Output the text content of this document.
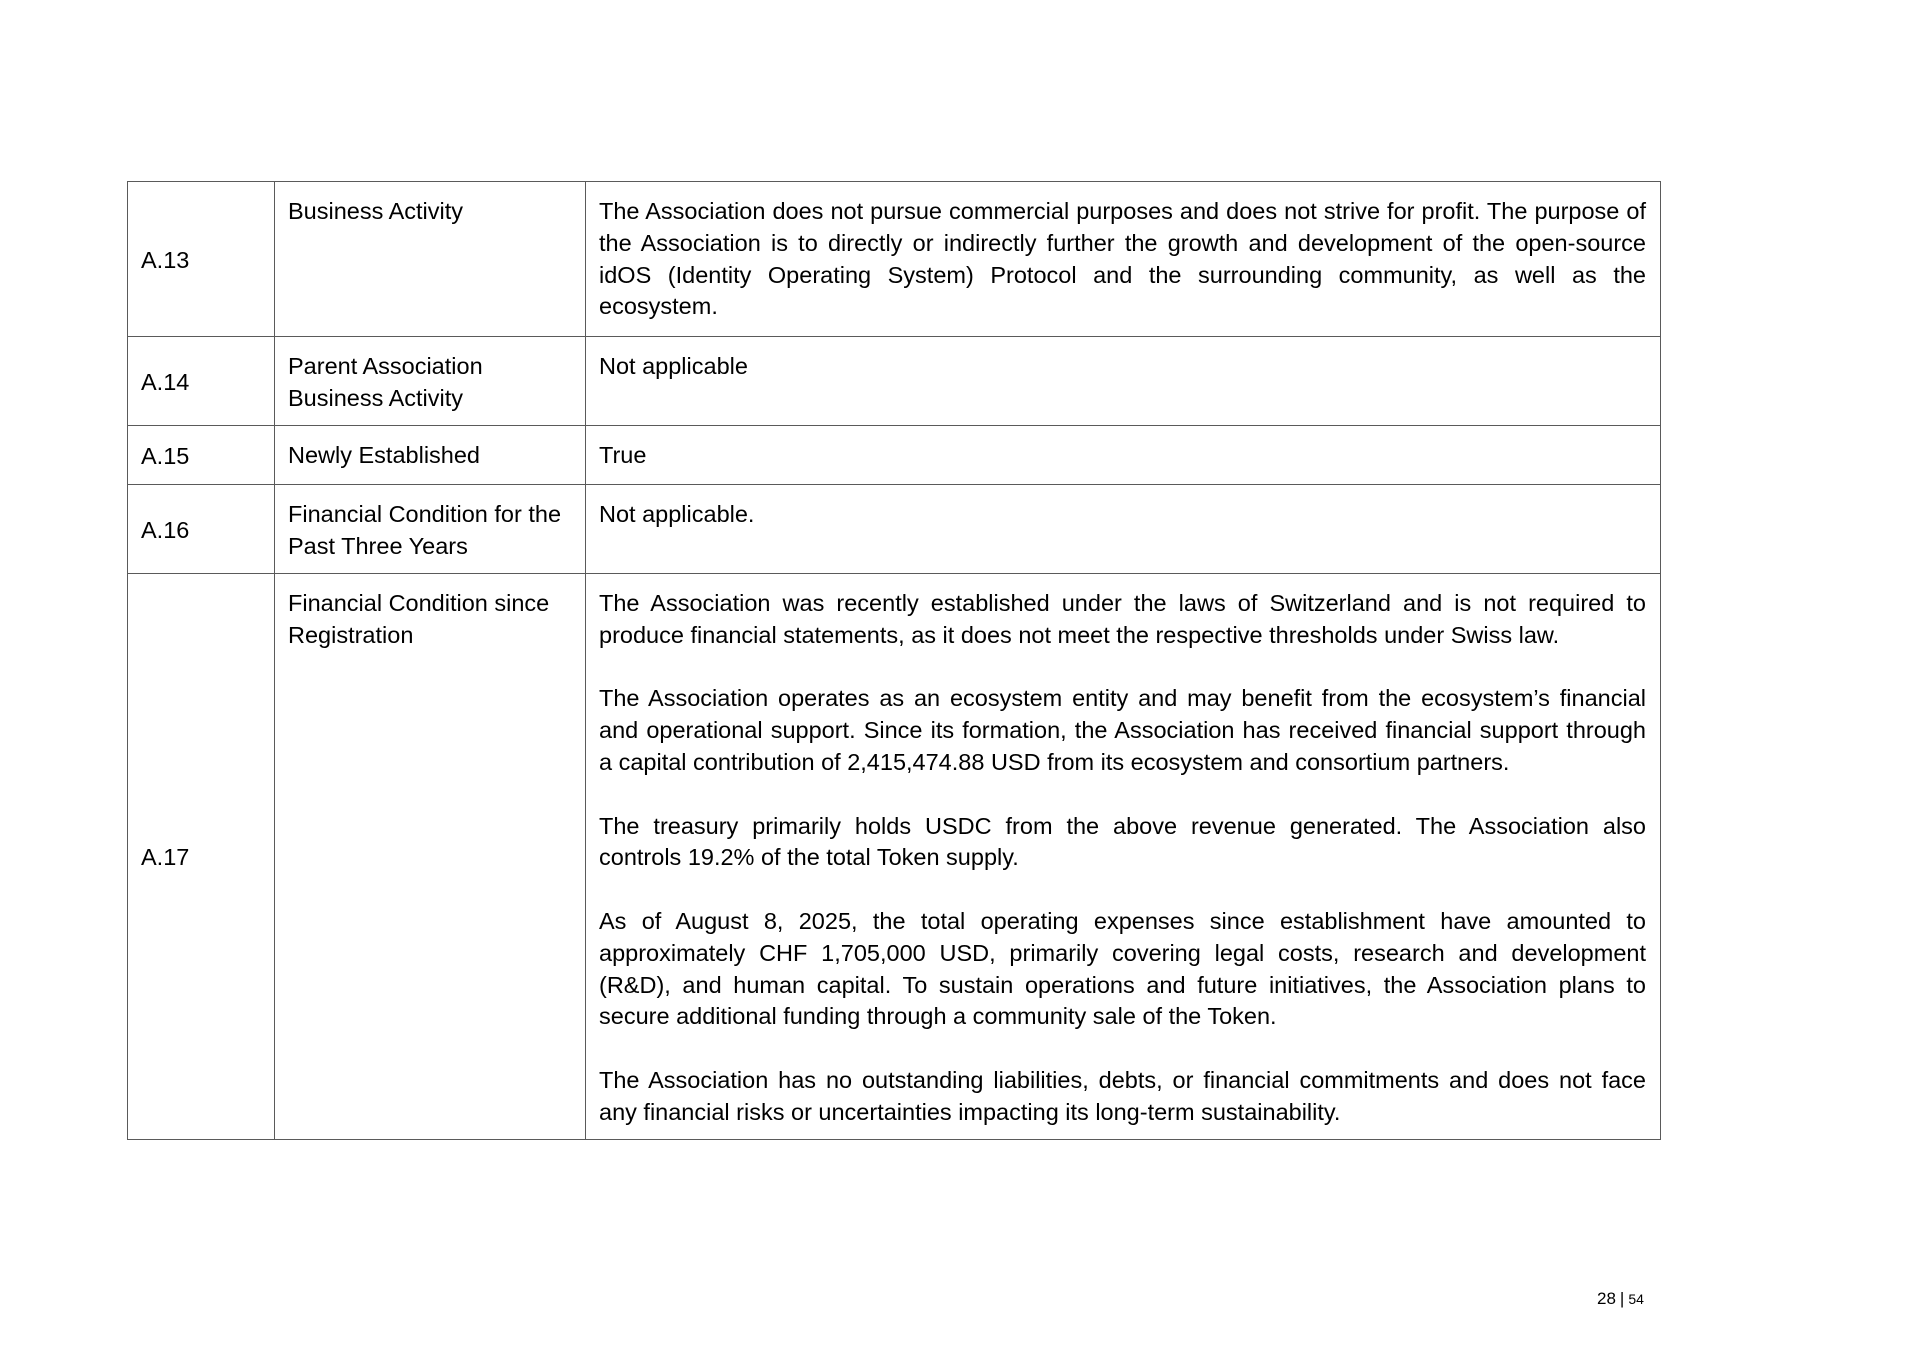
A.13	Business Activity	The Association does not pursue commercial purposes and does not strive for profit. The purpose of the Association is to directly or indirectly further the growth and development of the open-source idOS (Identity Operating System) Protocol and the surrounding community, as well as the ecosystem.

A.14	Parent Association Business Activity	Not applicable

A.15	Newly Established	True

A.16	Financial Condition for the Past Three Years	Not applicable.

A.17	Financial Condition since Registration	The Association was recently established under the laws of Switzerland and is not required to produce financial statements, as it does not meet the respective thresholds under Swiss law.

The Association operates as an ecosystem entity and may benefit from the ecosystem’s financial and operational support. Since its formation, the Association has received financial support through a capital contribution of 2,415,474.88 USD from its ecosystem and consortium partners.

The treasury primarily holds USDC from the above revenue generated. The Association also controls 19.2% of the total Token supply.

As of August 8, 2025, the total operating expenses since establishment have amounted to approximately CHF 1,705,000 USD, primarily covering legal costs, research and development (R&D), and human capital. To sustain operations and future initiatives, the Association plans to secure additional funding through a community sale of the Token.

The Association has no outstanding liabilities, debts, or financial commitments and does not face any financial risks or uncertainties impacting its long-term sustainability.

28 | 54
